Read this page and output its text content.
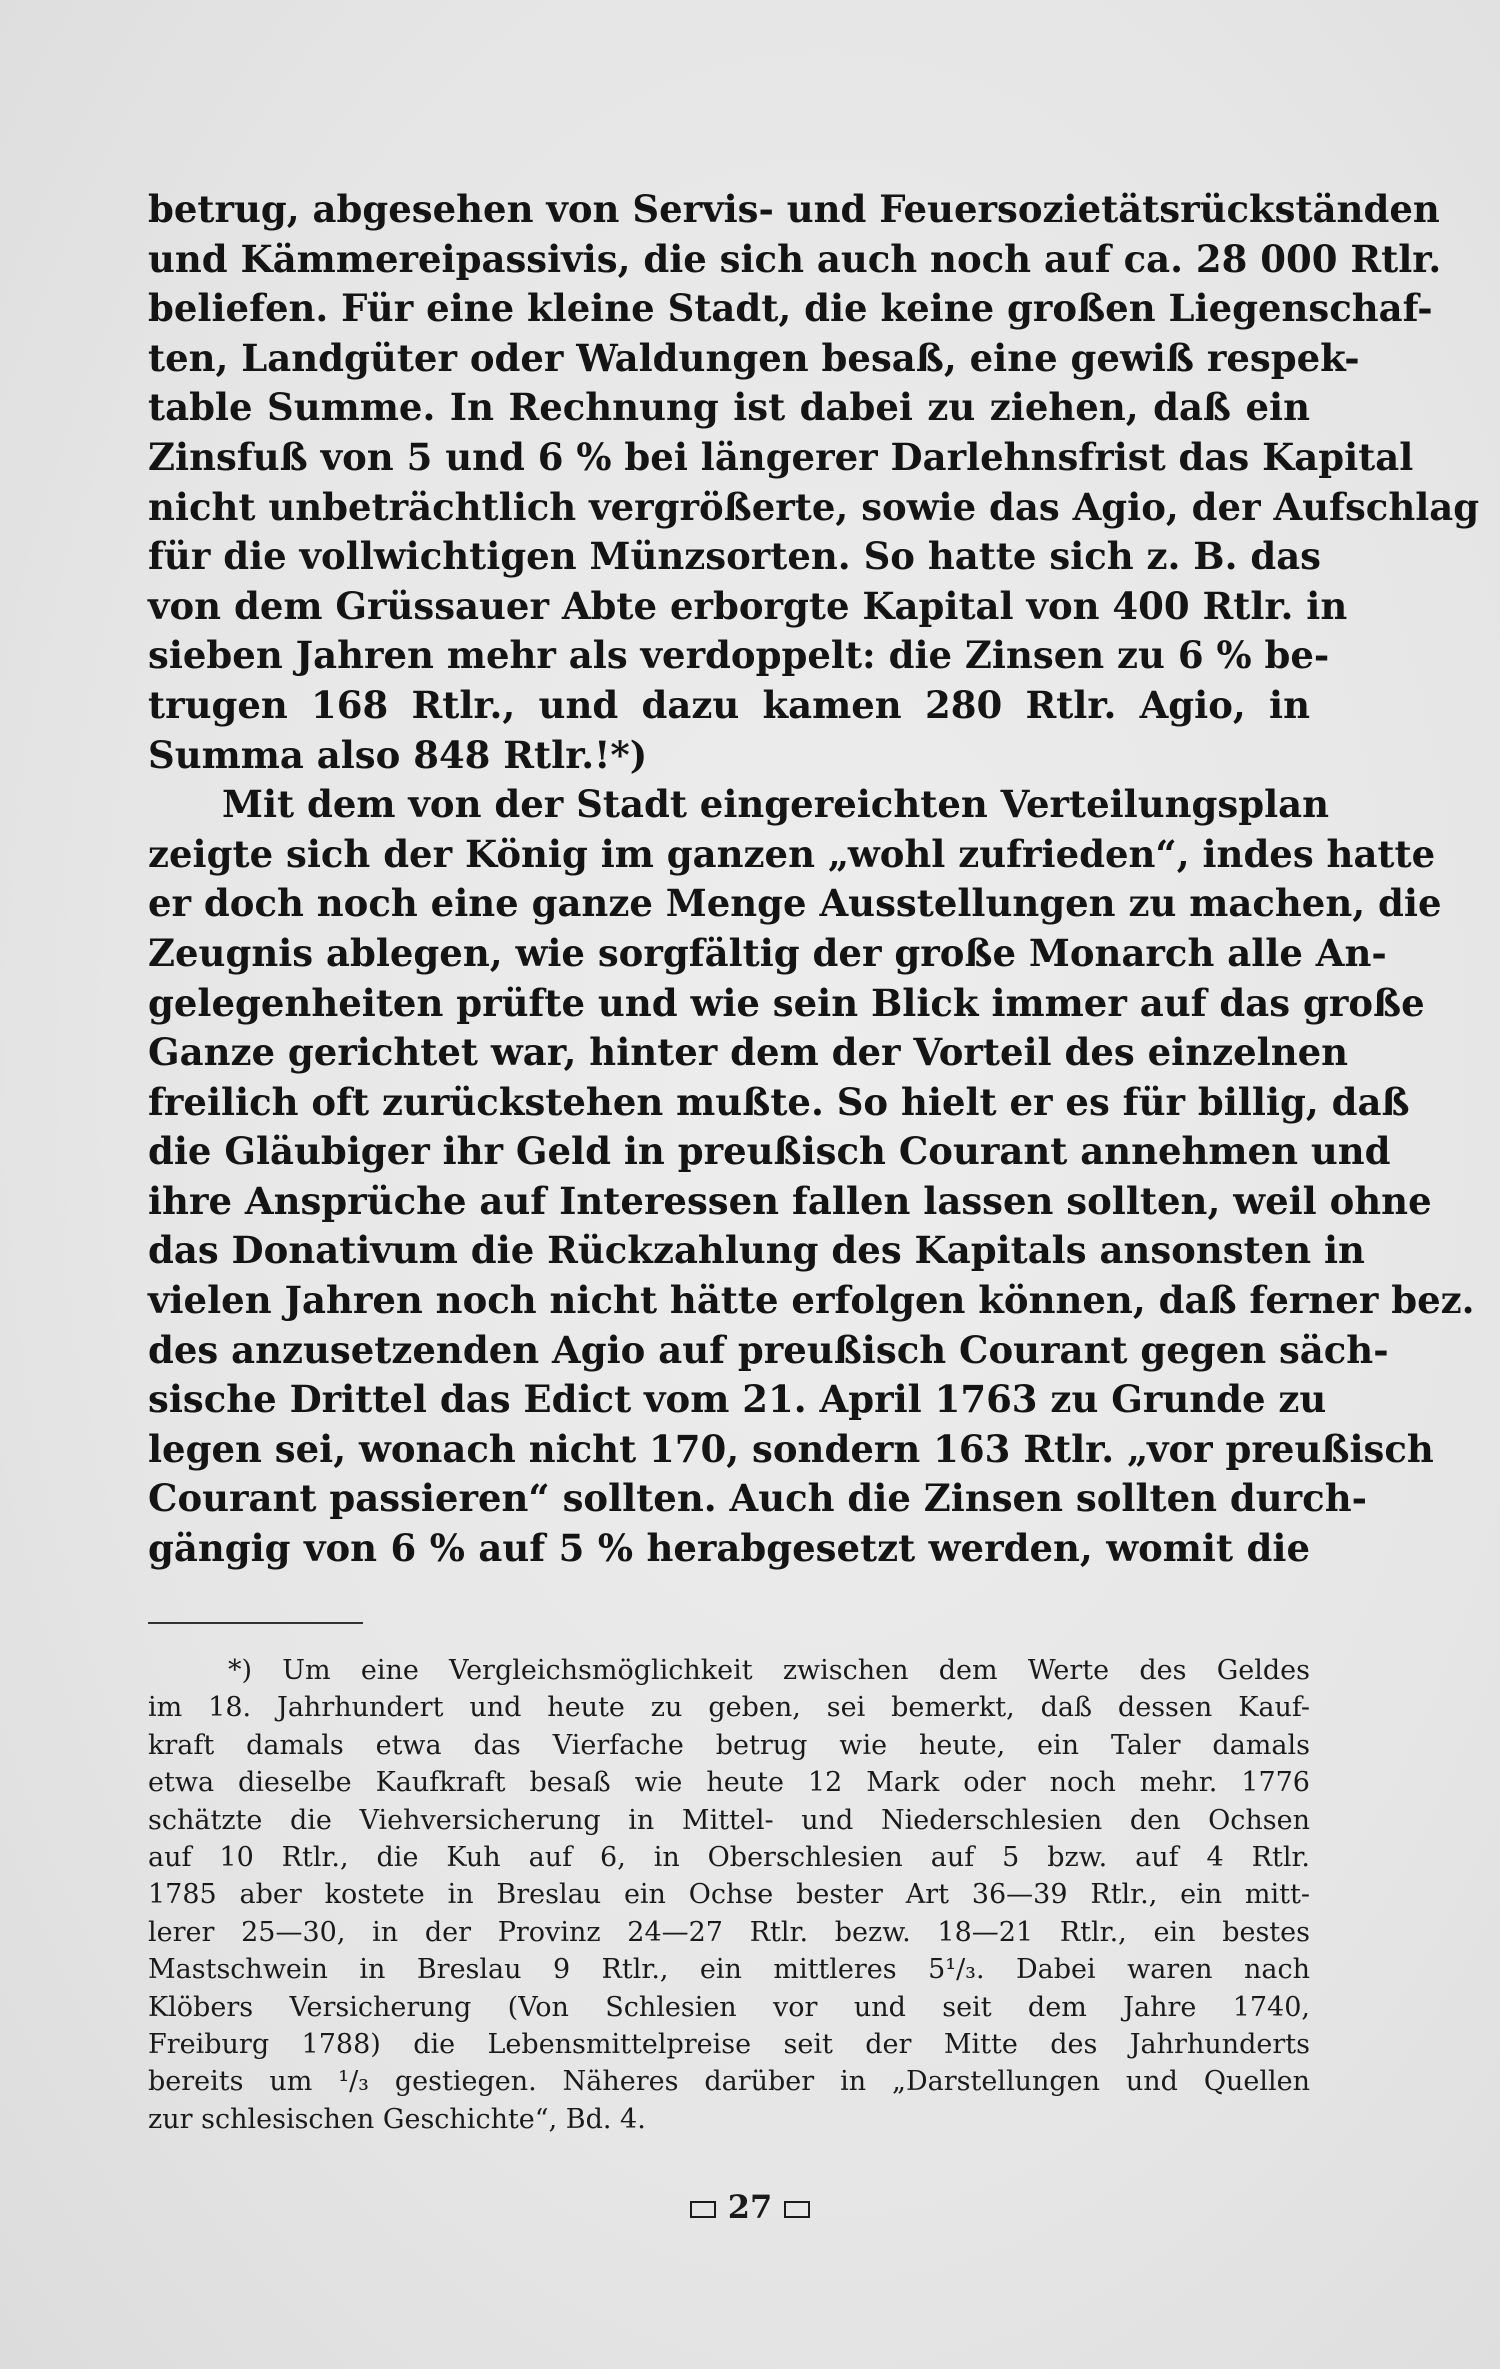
betrug, abgesehen von Servis- und Feuersozietätsrückständen
und Kämmereipassivis, die sich auch noch auf ca. 28 000 Rtlr.
beliefen. Für eine kleine Stadt, die keine großen Liegenschaf-
ten, Landgüter oder Waldungen besaß, eine gewiß respek-
table Summe. In Rechnung ist dabei zu ziehen, daß ein
Zinsfuß von 5 und 6 % bei längerer Darlehnsfrist das Kapital
nicht unbeträchtlich vergrößerte, sowie das Agio, der Aufschlag
für die vollwichtigen Münzsorten. So hatte sich z. B. das
von dem Grüssauer Abte erborgte Kapital von 400 Rtlr. in
sieben Jahren mehr als verdoppelt: die Zinsen zu 6 % be-
trugen 168 Rtlr., und dazu kamen 280 Rtlr. Agio, in
Summa also 848 Rtlr.!*)

Mit dem von der Stadt eingereichten Verteilungsplan
zeigte sich der König im ganzen „wohl zufrieden“, indes hatte
er doch noch eine ganze Menge Ausstellungen zu machen, die
Zeugnis ablegen, wie sorgfältig der große Monarch alle An-
gelegenheiten prüfte und wie sein Blick immer auf das große
Ganze gerichtet war, hinter dem der Vorteil des einzelnen
freilich oft zurückstehen mußte. So hielt er es für billig, daß
die Gläubiger ihr Geld in preußisch Courant annehmen und
ihre Ansprüche auf Interessen fallen lassen sollten, weil ohne
das Donativum die Rückzahlung des Kapitals ansonsten in
vielen Jahren noch nicht hätte erfolgen können, daß ferner bez.
des anzusetzenden Agio auf preußisch Courant gegen säch-
sische Drittel das Edict vom 21. April 1763 zu Grunde zu
legen sei, wonach nicht 170, sondern 163 Rtlr. „vor preußisch
Courant passieren“ sollten. Auch die Zinsen sollten durch-
gängig von 6 % auf 5 % herabgesetzt werden, womit die

*) Um eine Vergleichsmöglichkeit zwischen dem Werte des Geldes
im 18. Jahrhundert und heute zu geben, sei bemerkt, daß dessen Kauf-
kraft damals etwa das Vierfache betrug wie heute, ein Taler damals
etwa dieselbe Kaufkraft besaß wie heute 12 Mark oder noch mehr. 1776
schätzte die Viehversicherung in Mittel- und Niederschlesien den Ochsen
auf 10 Rtlr., die Kuh auf 6, in Oberschlesien auf 5 bzw. auf 4 Rtlr.
1785 aber kostete in Breslau ein Ochse bester Art 36—39 Rtlr., ein mitt-
lerer 25—30, in der Provinz 24—27 Rtlr. bezw. 18—21 Rtlr., ein bestes
Mastschwein in Breslau 9 Rtlr., ein mittleres 5¹/₃. Dabei waren nach
Klöbers Versicherung (Von Schlesien vor und seit dem Jahre 1740,
Freiburg 1788) die Lebensmittelpreise seit der Mitte des Jahrhunderts
bereits um ¹/₃ gestiegen. Näheres darüber in „Darstellungen und Quellen
zur schlesischen Geschichte“, Bd. 4.
27
